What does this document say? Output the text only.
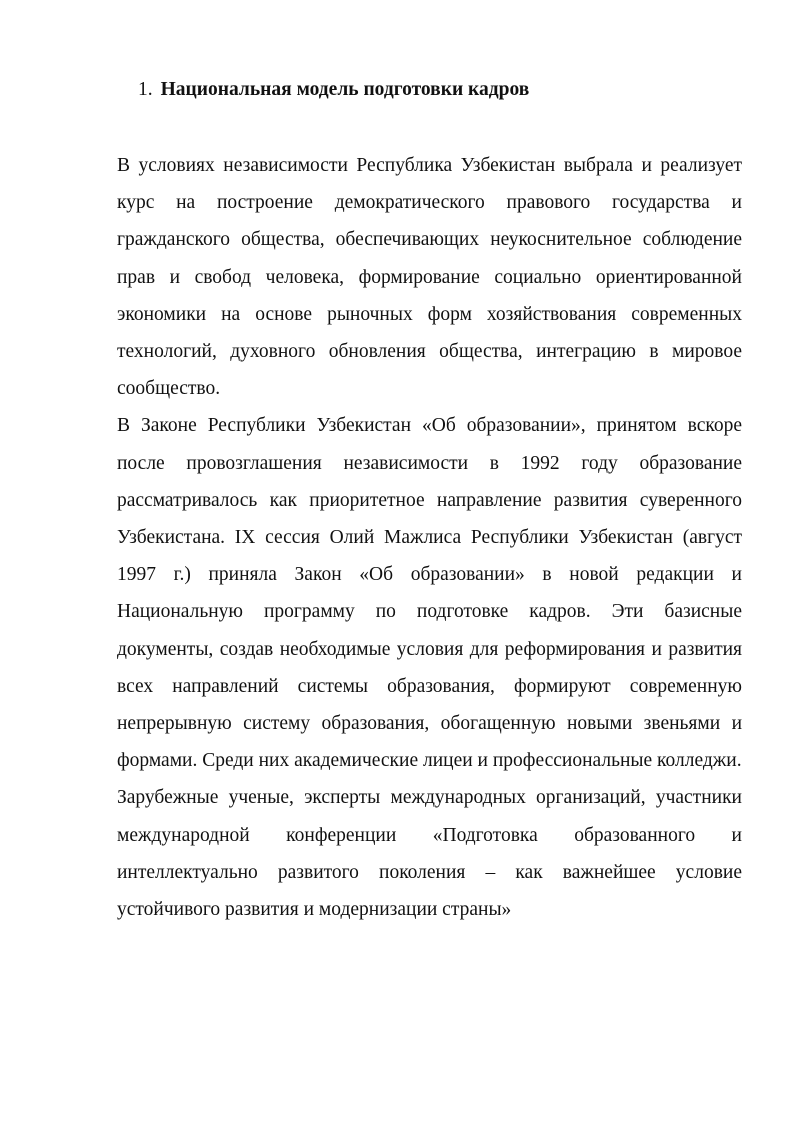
1. Национальная модель подготовки кадров

В условиях независимости Республика Узбекистан выбрала и реализует курс на построение демократического правового государства и гражданского общества, обеспечивающих неукоснительное соблюдение прав и свобод человека, формирование социально ориентированной экономики на основе рыночных форм хозяйствования современных технологий, духовного обновления общества, интеграцию в мировое сообщество.

В Законе Республики Узбекистан «Об образовании», принятом вскоре после провозглашения независимости в 1992 году образование рассматривалось как приоритетное направление развития суверенного Узбекистана. IX сессия Олий Мажлиса Республики Узбекистан (август 1997 г.) приняла Закон «Об образовании» в новой редакции и Национальную программу по подготовке кадров. Эти базисные документы, создав необходимые условия для реформирования и развития всех направлений системы образования, формируют современную непрерывную систему образования, обогащенную новыми звеньями и формами. Среди них академические лицеи и профессиональные колледжи.

Зарубежные ученые, эксперты международных организаций, участники международной конференции «Подготовка образованного и интеллектуально развитого поколения – как важнейшее условие устойчивого развития и модернизации страны»
